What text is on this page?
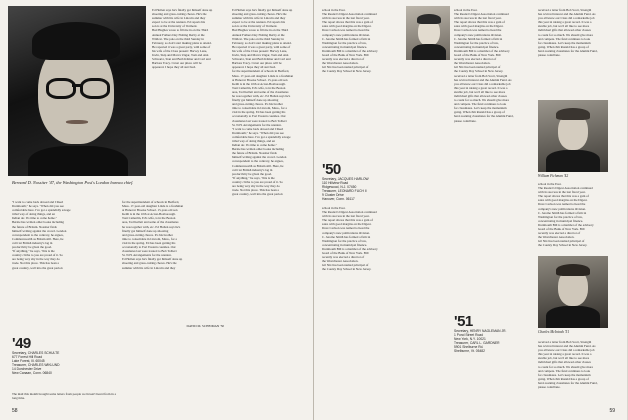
Ed Hollen says he's finally got himself done up
shooting and grass-cutting chores. He's the
summer with his wife in Lincoln and they
expect to be at the reunion. Ed reports his
son is at the University of Vermont.
Bud Hughes wrote to fill me in on the Third
Annual Fathers Day Fishing Derby at the
Wildcat. The pole on the third Sunday in
February, so don't start making plans to attend.
He reported it was a great party, with some of
his wife of the Class present: Harvey Lane,
Irwin, Skip and Marva Ungar, Tom and Ann
Schwartz, Stan and Barb Kilmer and Carl and
Barbara Tracy. I trust our photo will be
appeared. I hope they all survived.
Ed Hollen says he's finally got himself done up
shooting and grass-cutting chores. He's the
summer with his wife in Lincoln and they
expect to be at the reunion. Ed reports his
son is at the University of Vermont.
Bud Hughes wrote to fill me in on the Third
Annual Fathers Day Fishing Derby at the
Wildcat. The pole on the third Sunday in
February, so don't start making plans to attend.
He reported it was a great party, with some of
his wife of the Class present: Harvey Lane,
Irwin, Skip and Marva Ungar, Tom and Ann
Schwartz, Stan and Barb Kilmer and Carl and
Barbara Tracy. I trust our photo will be
appeared. I hope they all survived.
for the superintendent of schools in Bedford,
Mass. 17-year-old daughter Linda is a freshman
at Hanover Brooke School. 15-year-old son
Keith is in the 10th at Acton-Boxborough.
Toni Camerlin, Ed's wife, is in the Boston
area, Ted Kellett and some of the classmates
he was together with, etc. Ed Hollen says he's
finally got himself done up shooting
and grass-cutting chores. It's his brother
time to consolidate in Lincoln, Mass., for a
visit in the spring. Ed has been getting his
occasionally to Fort Eastern counties. Our
classmates last were treated to Bob Tolbert
Sr. N.H. Arrangements for the reunion.
"I want to come back abroad and I liked
Dartmouth," he says. "When did you see
comfortable here. I've got a splendidly savage
tribal way of doing things, and an
Indian air. It's time to come home."
Bernie has written other books including
the future of Britain. Nossiter finds
himself writing against the crowd. London
correspondent to the contrary, he argues,
Commonwealth as Britain still. Here, he
can't let British industry's lag in
productivity be given the good.
"If anything," he says, "this is the
country cliche to you are proud of it. So
are being very shy in the way they do
trade. Not this place. This has been a
great country, well into the great period.
Bernard D. Nossiter '47, the Washington Post's London bureau chief.
"I want to come back abroad and I liked
Dartmouth," he says. "When did you see
comfortable here. I've got a splendidly savage
tribal way of doing things, and an
Indian air. It's time to come home."
Bernie has written other books including
the future of Britain. Nossiter finds
himself writing against the crowd. London
correspondent to the contrary, he argues,
Commonwealth as Britain still. Here, he
can't let British industry's lag in
productivity be given the good.
"If anything," he says, "this is the
country cliche to you are proud of it. So
are being very shy in the way they do
trade. Not this place. This has been a
great country, well into the great period.
for the superintendent of schools in Bedford,
Mass. 17-year-old daughter Linda is a freshman
at Hanover Brooke School. 15-year-old son
Keith is in the 10th at Acton-Boxborough.
Toni Camerlin, Ed's wife, is in the Boston
area, Ted Kellett and some of the classmates
he was together with, etc. Ed Hollen says he's
finally got himself done up shooting
and grass-cutting chores. It's his brother
time to consolidate in Lincoln, Mass., for a
visit in the spring. Ed has been getting his
occasionally to Fort Eastern counties. Our
classmates last were treated to Bob Tolbert
Sr. N.H. Arrangements for the reunion.
Ed Hollen says he's finally got himself done up
shooting and grass-cutting chores. He's the
summer with his wife in Lincoln and they
DAVID M. SCHEIMAN '50
'49
Secretary, CHARLES SCHULTE
677 Forest Hill Road
Lake Forest, Ill. 60045
Treasurer, CHARLES WIKLUND
14 Dorchester Drive
New Canaan, Conn. 06840
The mail this month brought some letters from people we haven't heard from in a long time.
58
school in the East.
The Reader's Digest Association continued
with its success in the last fiscal year.
The report shows that this was a gain of
sales with good margins on the Digest.
Dave Carlson was named to head the
company's new publications division.
C. Jerome Smith has formed a firm in
Washington for the practice of law,
concentrating in municipal finance.
Dartmouth Bill is a member of the advisory
board of the Bank of New York. Bill
recently was elected a director of
the Westchester Association.
Gil Nix has been named principal of
the County Day School in New Jersey.
'50
Secretary, JACQUES HARLOW
110 Hillview Road
Ridgewood, N.J. 07450
Treasurer, LEONARD FUCH II
9 Cluster Drive
Hanover, Conn. 06117
school in the East.
The Reader's Digest Association continued
with its success in the last fiscal year.
The report shows that this was a gain of
sales with good margins on the Digest.
Dave Carlson was named to head the
company's new publications division.
C. Jerome Smith has formed a firm in
Washington for the practice of law,
concentrating in municipal finance.
Dartmouth Bill is a member of the advisory
board of the Bank of New York. Bill
recently was elected a director of
the Westchester Association.
Gil Nix has been named principal of
the County Day School in New Jersey.
school in the East.
The Reader's Digest Association continued
with its success in the last fiscal year.
The report shows that this was a gain of
sales with good margins on the Digest.
Dave Carlson was named to head the
company's new publications division.
C. Jerome Smith has formed a firm in
Washington for the practice of law,
concentrating in municipal finance.
Dartmouth Bill is a member of the advisory
board of the Bank of New York. Bill
recently was elected a director of
the Westchester Association.
Gil Nix has been named principal of
the County Day School in New Jersey.
received a letter from Bob Scott, Strength
has revived interest and the Alumni Fund. As
you all know our Class did a remarkable job
this year in raising a great record. It was a
sizable job, but we'd all like to see more
individual gifts that allowed other classes
to count for so much. We should give more
and compete. The fund continues to look
for classmates. Let's keep the momentum
going. When Jim Ronald has a group of
hard-working classmates for the Alumni Fund,
please contribute.
'51
Secretary, HENRY NAGLEMAN JR.
1 Pond Street Road
New York, N.Y. 10021
Treasurer, CARL L. GARDNER
5901 Shelburne Rd.
Shelburne, Vt. 05482
William Fichman '42
Charles McIntosh '51
received a letter from Bob Scott, Strength
has revived interest and the Alumni Fund. As
you all know our Class did a remarkable job
this year in raising a great record. It was a
sizable job, but we'd all like to see more
individual gifts that allowed other classes
to count for so much. We should give more
and compete. The fund continues to look
for classmates. Let's keep the momentum
going. When Jim Ronald has a group of
hard-working classmates for the Alumni Fund,
please contribute.
school in the East.
The Reader's Digest Association continued
with its success in the last fiscal year.
The report shows that this was a gain of
sales with good margins on the Digest.
Dave Carlson was named to head the
company's new publications division.
C. Jerome Smith has formed a firm in
Washington for the practice of law,
concentrating in municipal finance.
Dartmouth Bill is a member of the advisory
board of the Bank of New York. Bill
recently was elected a director of
the Westchester Association.
Gil Nix has been named principal of
the County Day School in New Jersey.
received a letter from Bob Scott, Strength
has revived interest and the Alumni Fund. As
you all know our Class did a remarkable job
this year in raising a great record. It was a
sizable job, but we'd all like to see more
individual gifts that allowed other classes
to count for so much. We should give more
and compete. The fund continues to look
for classmates. Let's keep the momentum
going. When Jim Ronald has a group of
hard-working classmates for the Alumni Fund,
please contribute.
59
